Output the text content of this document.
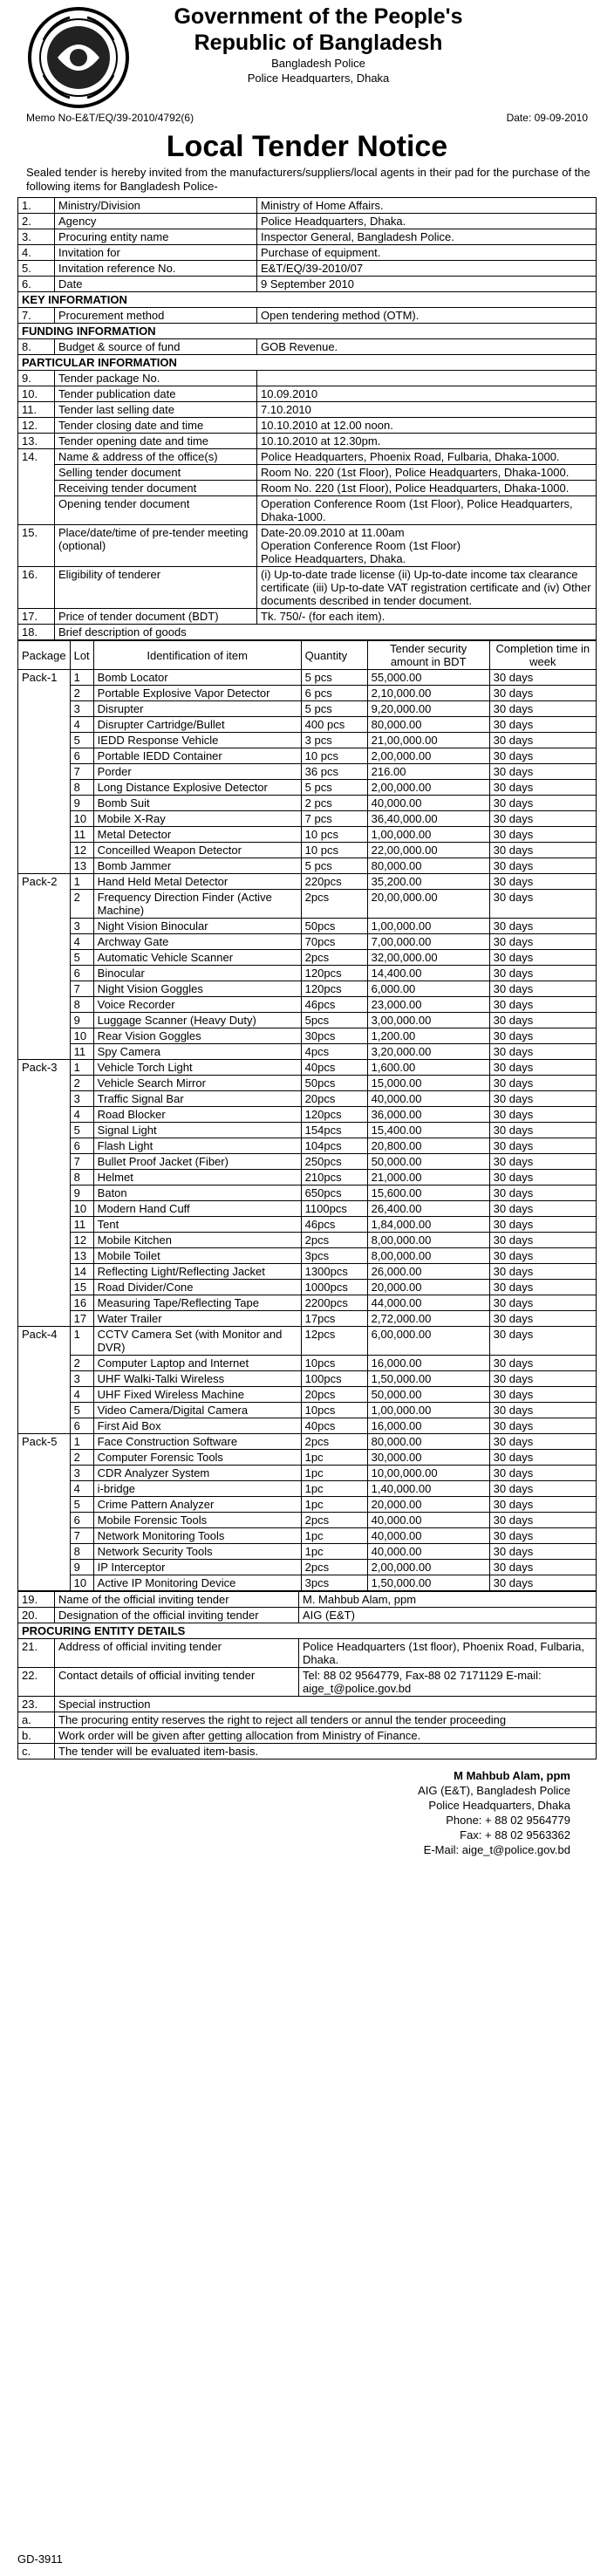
Government of the People's
Republic of Bangladesh
Bangladesh Police
Police Headquarters, Dhaka
Memo No-E&T/EQ/39-2010/4792(6)	Date: 09-09-2010
Local Tender Notice
Sealed tender is hereby invited from the manufacturers/suppliers/local agents in their pad for the purchase of the following items for Bangladesh Police-
1.	Ministry/Division	Ministry of Home Affairs.
2.	Agency	Police Headquarters, Dhaka.
3.	Procuring entity name	Inspector General, Bangladesh Police.
4.	Invitation for	Purchase of equipment.
5.	Invitation reference No.	E&T/EQ/39-2010/07
6.	Date	9 September 2010
KEY INFORMATION		
7.	Procurement method	Open tendering method (OTM).
FUNDING INFORMATION		
8.	Budget & source of fund	GOB Revenue.
PARTICULAR INFORMATION		
9.	Tender package No.	
10.	Tender publication date	10.09.2010
11.	Tender last selling date	7.10.2010
12.	Tender closing date and time	10.10.2010 at 12.00 noon.
13.	Tender opening date and time	10.10.2010 at 12.30pm.
14.	Name & address of the office(s)	Police Headquarters, Phoenix Road, Fulbaria, Dhaka-1000.
	Selling tender document	Room No. 220 (1st Floor), Police Headquarters, Dhaka-1000.
	Receiving tender document	Room No. 220 (1st Floor), Police Headquarters, Dhaka-1000.
	Opening tender document	Operation Conference Room (1st Floor), Police Headquarters, Dhaka-1000.
15.	Place/date/time of pre-tender meeting (optional)	Date-20.09.2010 at 11.00am
Operation Conference Room (1st Floor)
Police Headquarters, Dhaka.

16.	Eligibility of tenderer	(i) Up-to-date trade license (ii) Up-to-date income tax clearance certificate (iii) Up-to-date VAT registration certificate and (iv) Other documents described in tender document.
17.	Price of tender document (BDT)	Tk. 750/- (for each item).
18.	Brief description of goods	
Package	Lot	Identification of item	Quantity	Tender security amount in BDT	Completion time in week
Pack-1	1	Bomb Locator	5 pcs	55,000.00	30 days
	2	Portable Explosive Vapor Detector	6 pcs	2,10,000.00	30 days
	3	Disrupter	5 pcs	9,20,000.00	30 days
	4	Disrupter Cartridge/Bullet	400 pcs	80,000.00	30 days
	5	IEDD Response Vehicle	3 pcs	21,00,000.00	30 days
	6	Portable IEDD Container	10 pcs	2,00,000.00	30 days
	7	Porder	36 pcs	216.00	30 days
	8	Long Distance Explosive Detector	5 pcs	2,00,000.00	30 days
	9	Bomb Suit	2 pcs	40,000.00	30 days
	10	Mobile X-Ray	7 pcs	36,40,000.00	30 days
	11	Metal Detector	10 pcs	1,00,000.00	30 days
	12	Conceilled Weapon Detector	10 pcs	22,00,000.00	30 days
	13	Bomb Jammer	5 pcs	80,000.00	30 days
Pack-2	1	Hand Held Metal Detector	220pcs	35,200.00	30 days
	2	Frequency Direction Finder (Active Machine)	2pcs	20,00,000.00	30 days
	3	Night Vision Binocular	50pcs	1,00,000.00	30 days
	4	Archway Gate	70pcs	7,00,000.00	30 days
	5	Automatic Vehicle Scanner	2pcs	32,00,000.00	30 days
	6	Binocular	120pcs	14,400.00	30 days
	7	Night Vision Goggles	120pcs	6,000.00	30 days
	8	Voice Recorder	46pcs	23,000.00	30 days
	9	Luggage Scanner (Heavy Duty)	5pcs	3,00,000.00	30 days
	10	Rear Vision Goggles	30pcs	1,200.00	30 days
	11	Spy Camera	4pcs	3,20,000.00	30 days
Pack-3	1	Vehicle Torch Light	40pcs	1,600.00	30 days
	2	Vehicle Search Mirror	50pcs	15,000.00	30 days
	3	Traffic Signal Bar	20pcs	40,000.00	30 days
	4	Road Blocker	120pcs	36,000.00	30 days
	5	Signal Light	154pcs	15,400.00	30 days
	6	Flash Light	104pcs	20,800.00	30 days
	7	Bullet Proof Jacket (Fiber)	250pcs	50,000.00	30 days
	8	Helmet	210pcs	21,000.00	30 days
	9	Baton	650pcs	15,600.00	30 days
	10	Modern Hand Cuff	1100pcs	26,400.00	30 days
	11	Tent	46pcs	1,84,000.00	30 days
	12	Mobile Kitchen	2pcs	8,00,000.00	30 days
	13	Mobile Toilet	3pcs	8,00,000.00	30 days
	14	Reflecting Light/Reflecting Jacket	1300pcs	26,000.00	30 days
	15	Road Divider/Cone	1000pcs	20,000.00	30 days
	16	Measuring Tape/Reflecting Tape	2200pcs	44,000.00	30 days
	17	Water Trailer	17pcs	2,72,000.00	30 days
Pack-4	1	CCTV Camera Set (with Monitor and DVR)	12pcs	6,00,000.00	30 days
	2	Computer Laptop and Internet	10pcs	16,000.00	30 days
	3	UHF Walki-Talki Wireless	100pcs	1,50,000.00	30 days
	4	UHF Fixed Wireless Machine	20pcs	50,000.00	30 days
	5	Video Camera/Digital Camera	10pcs	1,00,000.00	30 days
	6	First Aid Box	40pcs	16,000.00	30 days
Pack-5	1	Face Construction Software	2pcs	80,000.00	30 days
	2	Computer Forensic Tools	1pc	30,000.00	30 days
	3	CDR Analyzer System	1pc	10,00,000.00	30 days
	4	i-bridge	1pc	1,40,000.00	30 days
	5	Crime Pattern Analyzer	1pc	20,000.00	30 days
	6	Mobile Forensic Tools	2pcs	40,000.00	30 days
	7	Network Monitoring Tools	1pc	40,000.00	30 days
	8	Network Security Tools	1pc	40,000.00	30 days
	9	IP Interceptor	2pcs	2,00,000.00	30 days
	10	Active IP Monitoring Device	3pcs	1,50,000.00	30 days
19.	Name of the official inviting tender	M. Mahbub Alam, ppm
20.	Designation of the official inviting tender	AIG (E&T)
PROCURING ENTITY DETAILS		
21.	Address of official inviting tender	Police Headquarters (1st floor), Phoenix Road, Fulbaria, Dhaka.
22.	Contact details of official inviting tender	Tel: 88 02 9564779, Fax-88 02 7171129 E-mail: aige_t@police.gov.bd
23.	Special instruction	
a.	The procuring entity reserves the right to reject all tenders or annul the tender proceeding	
b.	Work order will be given after getting allocation from Ministry of Finance.	
c.	The tender will be evaluated item-basis.	
M Mahbub Alam, ppm
AIG (E&T), Bangladesh Police
Police Headquarters, Dhaka
Phone: + 88 02 9564779
Fax: + 88 02 9563362
E-Mail: aige_t@police.gov.bd
GD-3911
